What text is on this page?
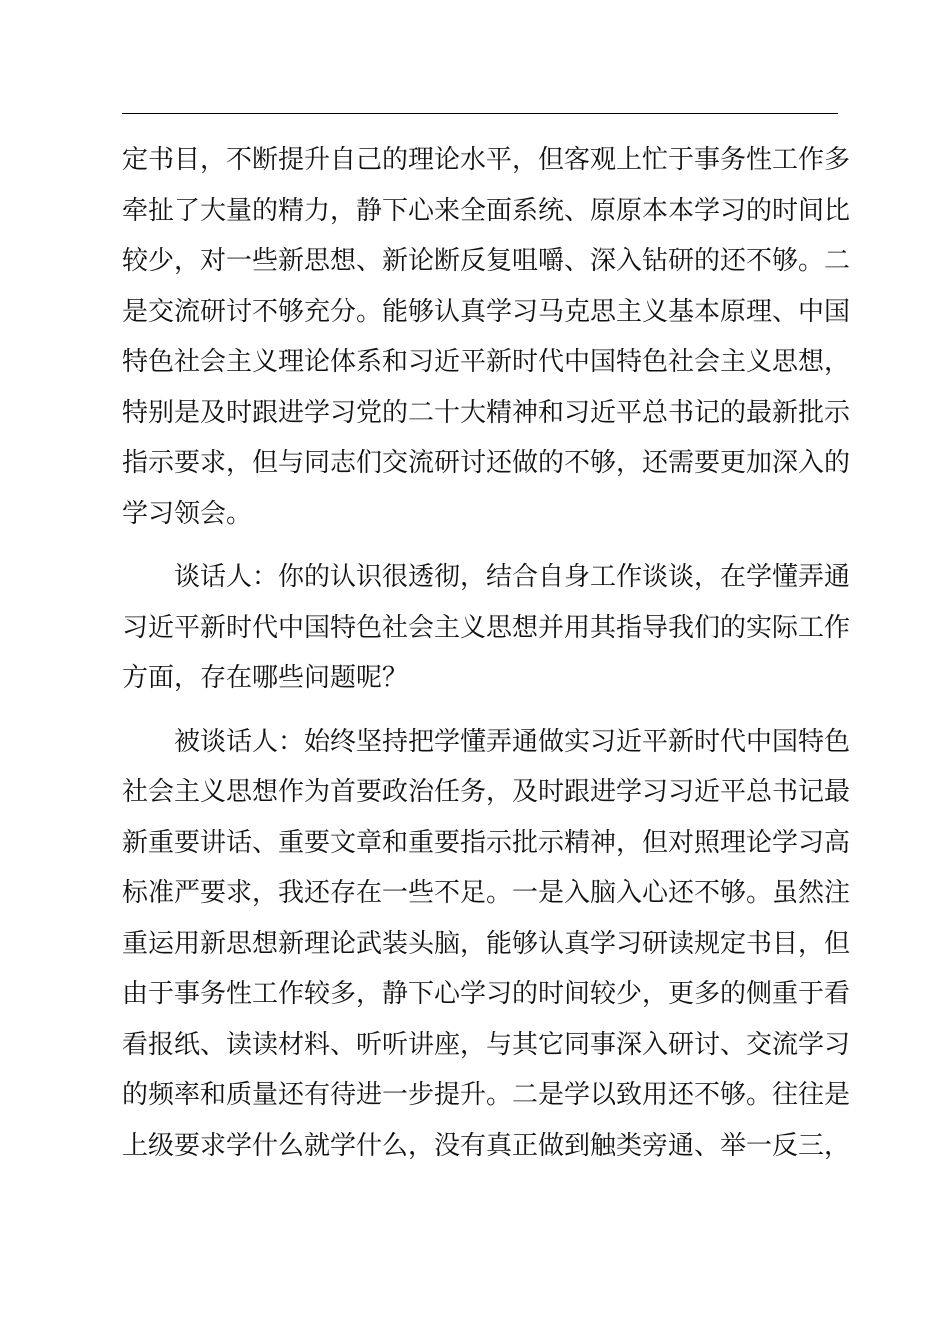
定书目，不断提升自己的理论水平，但客观上忙于事务性工作多
牵扯了大量的精力，静下心来全面系统、原原本本学习的时间比
较少，对一些新思想、新论断反复咀嚼、深入钻研的还不够。二
是交流研讨不够充分。能够认真学习马克思主义基本原理、中国
特色社会主义理论体系和习近平新时代中国特色社会主义思想，
特别是及时跟进学习党的二十大精神和习近平总书记的最新批示
指示要求，但与同志们交流研讨还做的不够，还需要更加深入的
学习领会。
谈话人：你的认识很透彻，结合自身工作谈谈，在学懂弄通
习近平新时代中国特色社会主义思想并用其指导我们的实际工作
方面，存在哪些问题呢？
被谈话人：始终坚持把学懂弄通做实习近平新时代中国特色
社会主义思想作为首要政治任务，及时跟进学习习近平总书记最
新重要讲话、重要文章和重要指示批示精神，但对照理论学习高
标准严要求，我还存在一些不足。一是入脑入心还不够。虽然注
重运用新思想新理论武装头脑，能够认真学习研读规定书目，但
由于事务性工作较多，静下心学习的时间较少，更多的侧重于看
看报纸、读读材料、听听讲座，与其它同事深入研讨、交流学习
的频率和质量还有待进一步提升。二是学以致用还不够。往往是
上级要求学什么就学什么，没有真正做到触类旁通、举一反三，
